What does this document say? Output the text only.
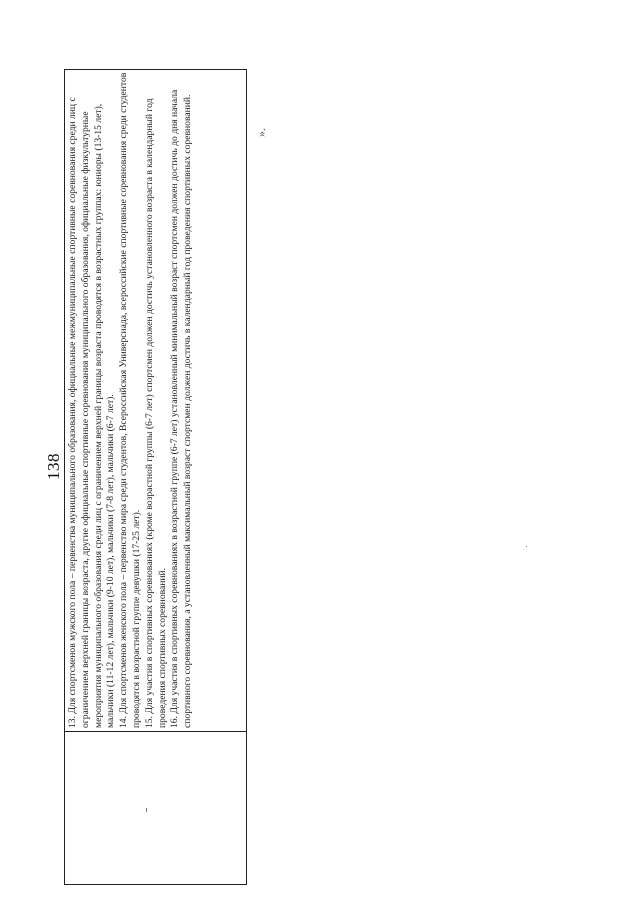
138 13. Для спортсменов мужского пола – первенства муниципального образования, официальные межмуниципальные спортивные соревнования среди лиц с ограничением верхней границы возраста, другие официальные спортивные соревнования муниципального образования, официальные физкультурные мероприятия муниципального образования среди лиц с ограничением верхней границы возраста проводятся в возрастных группах: юниоры (13-15 лет), мальчики (11-12 лет), мальчики (9-10 лет), мальчики (7-8 лет), мальчики (6-7 лет). 14. Для спортсменов женского пола – первенство мира среди студентов, Всероссийская Универсиада, всероссийские спортивные соревнования среди студентов проводятся в возрастной группе девушки (17-25 лет). 15. Для участия в спортивных соревнованиях (кроме возрастной группы (6-7 лет) спортсмен должен достичь установленного возраста в календарный год проведения спортивных соревнований. 16. Для участия в спортивных соревнованиях в возрастной группе (6-7 лет) установленный минимальный возраст спортсмен должен достичь до дня начала спортивного соревнования, а установленный максимальный возраст спортсмен должен достичь в календарный год проведения спортивных соревнований.	».
